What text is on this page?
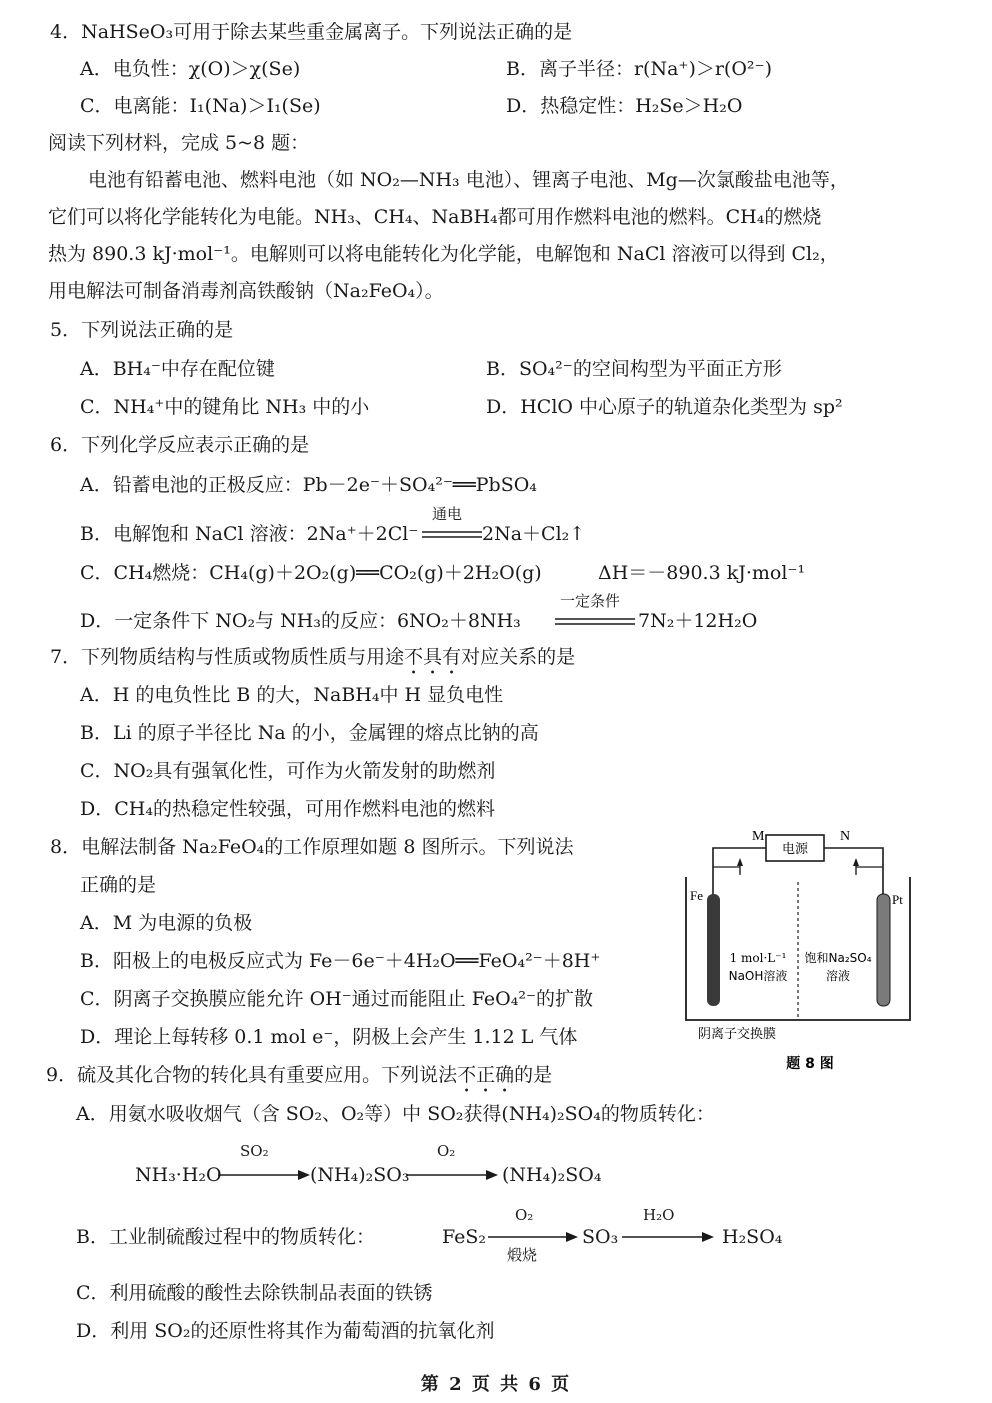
4．NaHSeO₃可用于除去某些重金属离子。下列说法正确的是
A．电负性：χ(O)＞χ(Se)	B．离子半径：r(Na⁺)＞r(O²⁻)
C．电离能：I₁(Na)＞I₁(Se)	D．热稳定性：H₂Se＞H₂O
阅读下列材料，完成 5~8 题：
电池有铅蓄电池、燃料电池（如 NO₂—NH₃ 电池）、锂离子电池、Mg—次氯酸盐电池等，
它们可以将化学能转化为电能。NH₃、CH₄、NaBH₄都可用作燃料电池的燃料。CH₄的燃烧
热为 890.3 kJ·mol⁻¹。电解则可以将电能转化为化学能，电解饱和 NaCl 溶液可以得到 Cl₂，
用电解法可制备消毒剂高铁酸钠（Na₂FeO₄）。
5．下列说法正确的是
A．BH₄⁻中存在配位键	B．SO₄²⁻的空间构型为平面正方形
C．NH₄⁺中的键角比 NH₃ 中的小	D．HClO 中心原子的轨道杂化类型为 sp²
6．下列化学反应表示正确的是
A．铅蓄电池的正极反应：Pb－2e⁻＋SO₄²⁻══PbSO₄
B．电解饱和 NaCl 溶液：2Na⁺＋2Cl⁻
通电
2Na＋Cl₂↑
C．CH₄燃烧：CH₄(g)＋2O₂(g)══CO₂(g)＋2H₂O(g)	ΔH＝－890.3 kJ·mol⁻¹
D．一定条件下 NO₂与 NH₃的反应：6NO₂＋8NH₃
一定条件
7N₂＋12H₂O
7．下列物质结构与性质或物质性质与用途不具有对应关系的是
A．H 的电负性比 B 的大，NaBH₄中 H 显负电性
B．Li 的原子半径比 Na 的小，金属锂的熔点比钠的高
C．NO₂具有强氧化性，可作为火箭发射的助燃剂
D．CH₄的热稳定性较强，可用作燃料电池的燃料
8．电解法制备 Na₂FeO₄的工作原理如题 8 图所示。下列说法
正确的是
A．M 为电源的负极
B．阳极上的电极反应式为 Fe－6e⁻＋4H₂O══FeO₄²⁻＋8H⁺
C．阴离子交换膜应能允许 OH⁻通过而能阻止 FeO₄²⁻的扩散
D．理论上每转移 0.1 mol e⁻，阴极上会产生 1.12 L 气体
M	N
电源
Fe	Pt
1 mol·L⁻¹
NaOH溶液
饱和Na₂SO₄
溶液
阴离子交换膜
题 8 图
9．硫及其化合物的转化具有重要应用。下列说法不正确的是
A．用氨水吸收烟气（含 SO₂、O₂等）中 SO₂获得(NH₄)₂SO₄的物质转化：
NH₃·H₂O
SO₂
(NH₄)₂SO₃
O₂
(NH₄)₂SO₄
B．工业制硫酸过程中的物质转化：	FeS₂
O₂
煅烧
SO₃
H₂O
H₂SO₄
C．利用硫酸的酸性去除铁制品表面的铁锈
D．利用 SO₂的还原性将其作为葡萄酒的抗氧化剂
第 2 页 共 6 页
